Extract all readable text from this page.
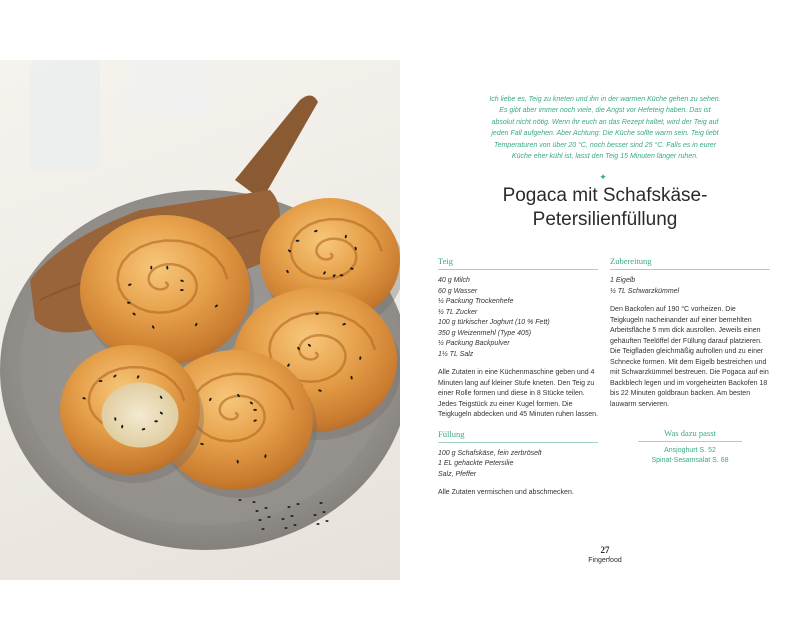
Ich liebe es, Teig zu kneten und ihn in der warmen Küche gehen zu sehen.

Es gibt aber immer noch viele, die Angst vor Hefeteig haben. Das ist

absolut nicht nötig. Wenn ihr euch an das Rezept haltet, wird der Teig auf

jeden Fall aufgehen. Aber Achtung: Die Küche sollte warm sein. Teig liebt

Temperaturen von über 20 °C, noch besser sind 25 °C. Falls es in eurer

Küche eher kühl ist, lasst den Teig 15 Minuten länger ruhen.

✦
Pogaca mit Schafskäse-
Petersilienfüllung
Teig
40 g Milch
60 g Wasser
½ Packung Trockenhefe
½ TL Zucker
100 g türkischer Joghurt (10 % Fett)
350 g Weizenmehl (Type 405)
½ Packung Backpulver
1½ TL Salz

Alle Zutaten in eine Küchenmaschine geben und 4 Minuten lang auf kleiner Stufe kneten. Den Teig zu einer Rolle formen und diese in 8 Stücke teilen. Jedes Teigstück zu einer Kugel formen. Die Teigkugeln abdecken und 45 Minuten ruhen lassen.

Füllung
100 g Schafskäse, fein zerbröselt
1 EL gehackte Petersilie
Salz, Pfeffer

Alle Zutaten vermischen und abschmecken.

Zubereitung
1 Eigelb
½ TL Schwarzkümmel

Den Backofen auf 190 °C vorheizen. Die Teigkugeln nacheinander auf einer bemehlten Arbeitsfläche 5 mm dick ausrollen. Jeweils einen gehäuften Teelöffel der Füllung darauf platzieren. Die Teigfladen gleichmäßig aufrollen und zu einer Schnecke formen. Mit dem Eigelb bestreichen und mit Schwarzkümmel bestreuen. Die Pogaca auf ein Backblech legen und im vorgeheizten Backofen 18 bis 22 Minuten goldbraun backen. Am besten lauwarm servieren.

Was dazu passt
Ansjoghurt S. 52
Spinat-Sesamsalat S. 68
27
Fingerfood
